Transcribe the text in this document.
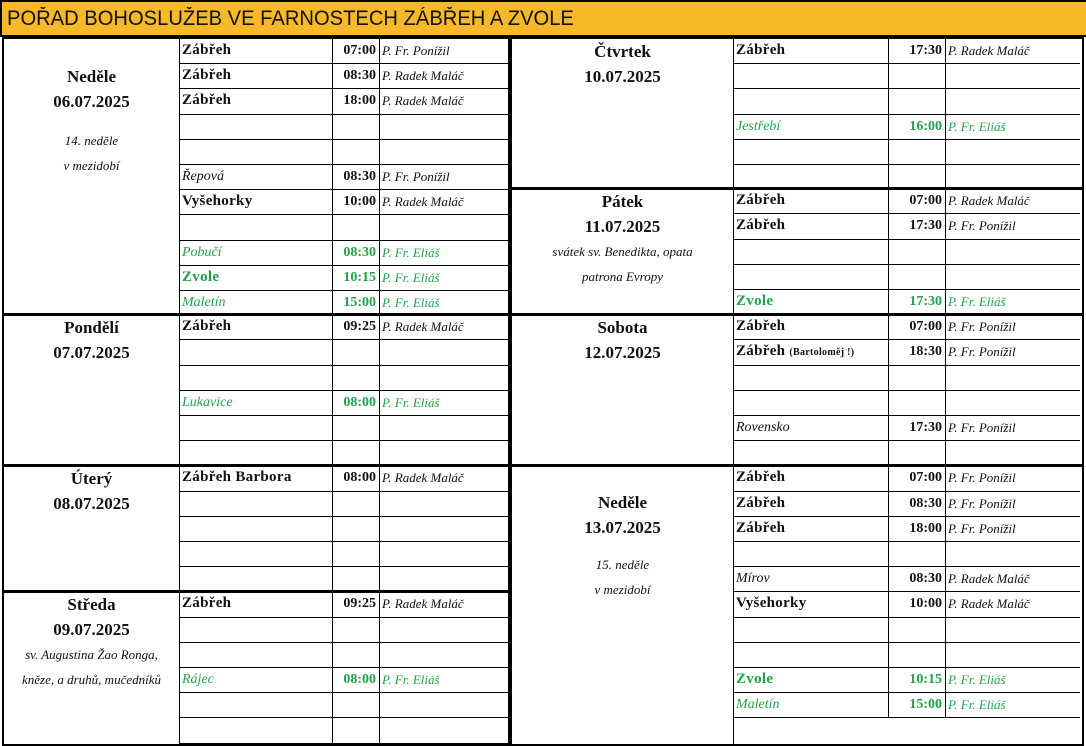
POŘAD BOHOSLUŽEB VE FARNOSTECH ZÁBŘEH A ZVOLE
Neděle
06.07.2025
14. neděle
v mezidobí
Zábřeh	07:00 P. Fr. Ponížil
Zábřeh	08:30 P. Radek Maláč
Zábřeh	18:00 P. Radek Maláč
Řepová	08:30 P. Fr. Ponížil
Vyšehorky	10:00 P. Radek Maláč
Pobučí	08:30 P. Fr. Eliáš
Zvole	10:15 P. Fr. Eliáš
Maletín	15:00 P. Fr. Eliáš
Pondělí
07.07.2025
Zábřeh	09:25 P. Radek Maláč
Lukavice	08:00 P. Fr. Eliáš
Úterý
08.07.2025
Zábřeh Barbora	08:00 P. Radek Maláč
Středa
09.07.2025
sv. Augustina Žao Ronga,
kněze, a druhů, mučedníků
Zábřeh	09:25 P. Radek Maláč
Rájec	08:00 P. Fr. Eliáš
Čtvrtek
10.07.2025
Zábřeh	17:30 P. Radek Maláč
Jestřebí	16:00 P. Fr. Eliáš
Pátek
11.07.2025
svátek sv. Benedikta, opata
patrona Evropy
Zábřeh	07:00 P. Radek Maláč
Zábřeh	17:30 P. Fr. Ponížil
Zvole	17:30 P. Fr. Eliáš
Sobota
12.07.2025
Zábřeh	07:00 P. Fr. Ponížil
Zábřeh (Bartoloměj !)	18:30 P. Fr. Ponížil
Rovensko	17:30 P. Fr. Ponížil
Neděle
13.07.2025
15. neděle
v mezidobí
Zábřeh	07:00 P. Fr. Ponížil
Zábřeh	08:30 P. Fr. Ponížil
Zábřeh	18:00 P. Fr. Ponížil
Mírov	08:30 P. Radek Maláč
Vyšehorky	10:00 P. Radek Maláč
Zvole	10:15 P. Fr. Eliáš
Maletín	15:00 P. Fr. Eliáš
